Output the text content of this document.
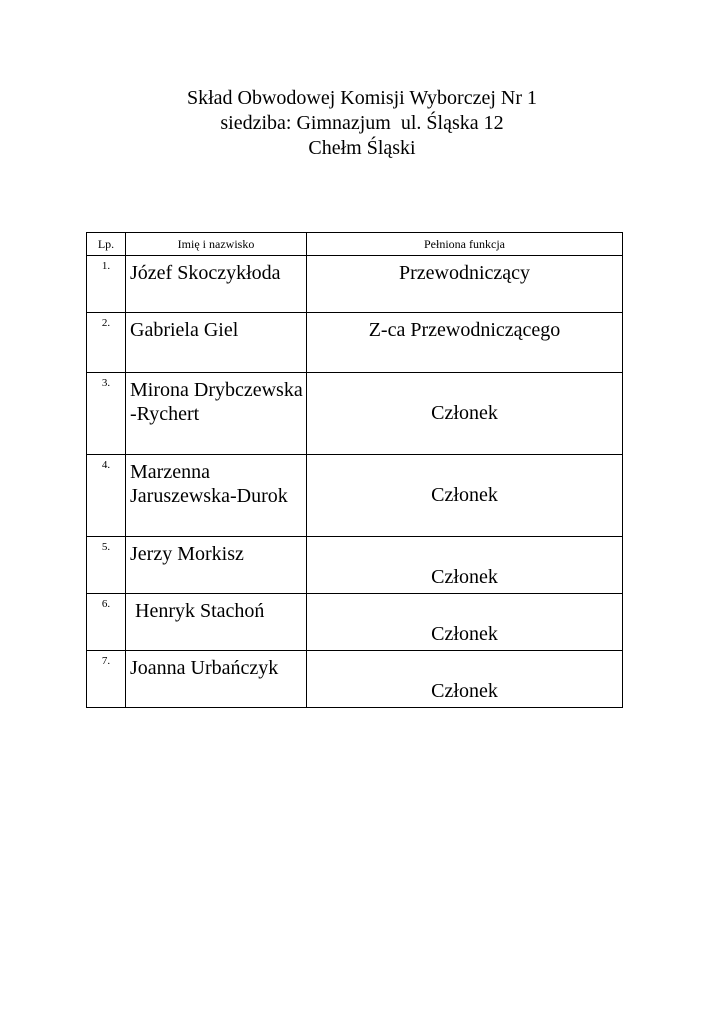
Skład Obwodowej Komisji Wyborczej Nr 1
siedziba: Gimnazjum  ul. Śląska 12
Chełm Śląski
Lp.	Imię i nazwisko	Pełniona funkcja
1.	Józef Skoczykłoda	Przewodniczący
2.	Gabriela Giel	Z-ca Przewodniczącego
3.	Mirona Drybczewska -Rychert	Członek
4.	Marzenna Jaruszewska-Durok	Członek
5.	Jerzy Morkisz	Członek
6.	Henryk Stachoń	Członek
7.	Joanna Urbańczyk	Członek
